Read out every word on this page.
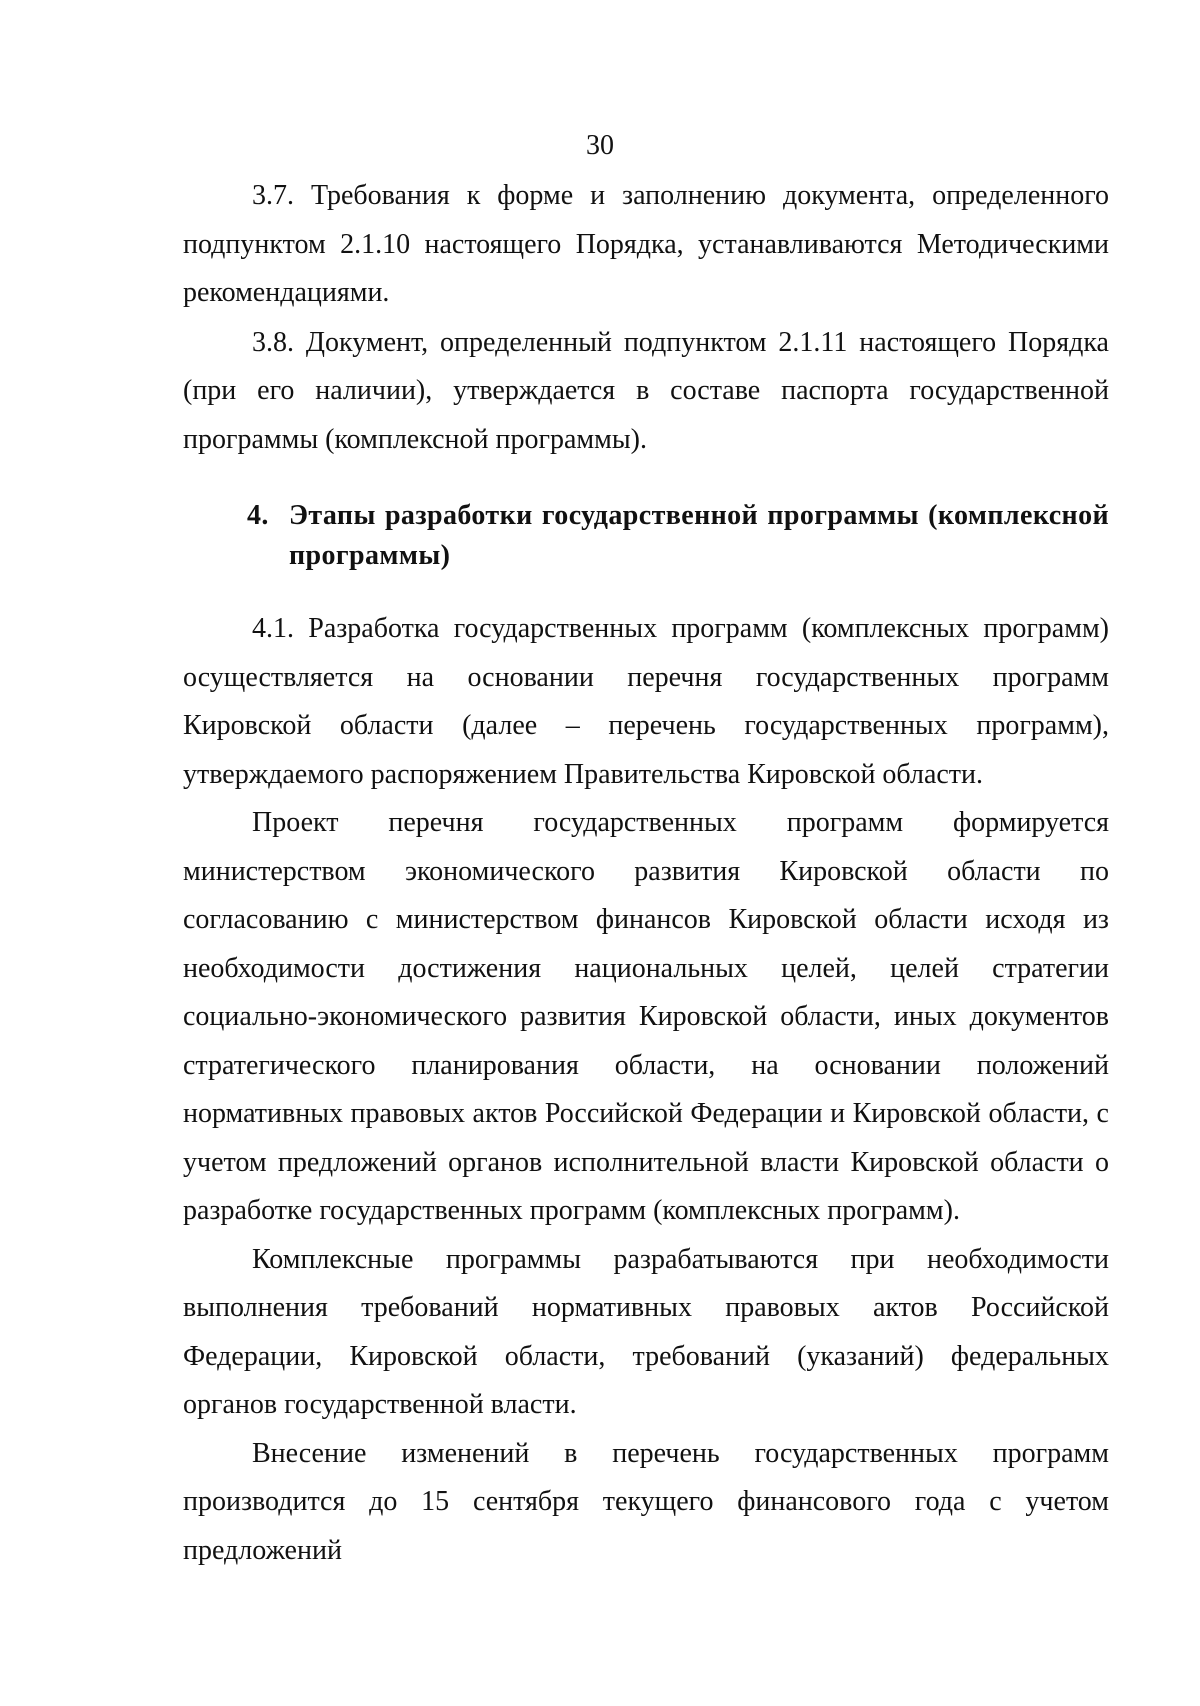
30

3.7. Требования к форме и заполнению документа, определенного подпунктом 2.1.10 настоящего Порядка, устанавливаются Методическими рекомендациями.

3.8. Документ, определенный подпунктом 2.1.11 настоящего Порядка (при его наличии), утверждается в составе паспорта государственной программы (комплексной программы).

4. Этапы разработки государственной программы (комплексной программы)

4.1. Разработка государственных программ (комплексных программ) осуществляется на основании перечня государственных программ Кировской области (далее – перечень государственных программ), утверждаемого распоряжением Правительства Кировской области.

Проект перечня государственных программ формируется министерством экономического развития Кировской области по согласованию с министерством финансов Кировской области исходя из необходимости достижения национальных целей, целей стратегии социально-экономического развития Кировской области, иных документов стратегического планирования области, на основании положений нормативных правовых актов Российской Федерации и Кировской области, с учетом предложений органов исполнительной власти Кировской области о разработке государственных программ (комплексных программ).

Комплексные программы разрабатываются при необходимости выполнения требований нормативных правовых актов Российской Федерации, Кировской области, требований (указаний) федеральных органов государственной власти.

Внесение изменений в перечень государственных программ производится до 15 сентября текущего финансового года с учетом предложений
